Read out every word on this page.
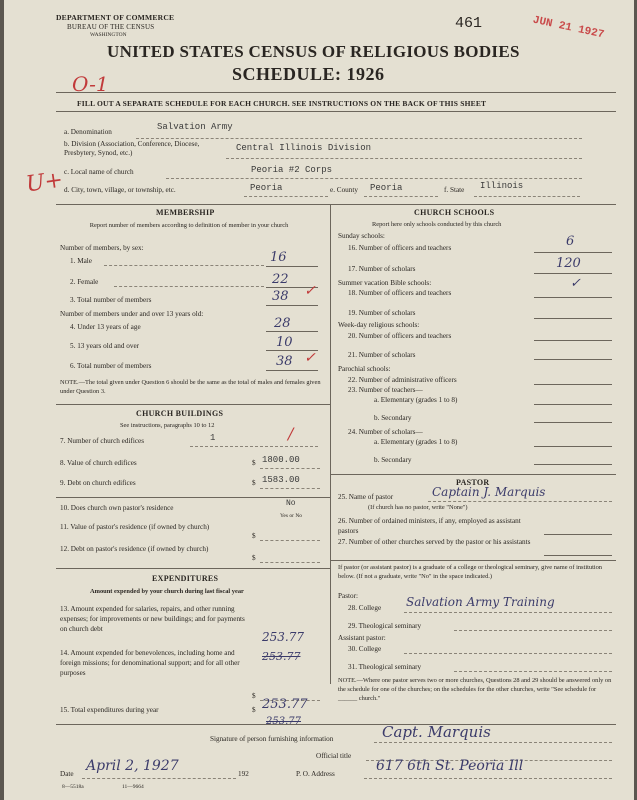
DEPARTMENT OF COMMERCE
BUREAU OF THE CENSUS
WASHINGTON
461	JUN 21 1927
UNITED STATES CENSUS OF RELIGIOUS BODIES
SCHEDULE: 1926
O-1
U+
FILL OUT A SEPARATE SCHEDULE FOR EACH CHURCH. SEE INSTRUCTIONS ON THE BACK OF THIS SHEET
a. Denomination	Salvation Army
b. Division (Association, Conference, Diocese, Presbytery, Synod, etc.)	Central Illinois Division
c. Local name of church	Peoria #2 Corps
d. City, town, village, or township, etc.	Peoria	e. County Peoria	f. State Illinois
MEMBERSHIP
Report number of members according to definition of member in your church
Number of members, by sex:
1. Male	16
2. Female	22
3. Total number of members	38 ✓
Number of members under and over 13 years old:
4. Under 13 years of age	28
5. 13 years old and over	10
6. Total number of members	38 ✓
NOTE.—The total given under Question 6 should be the same as the total of males and females given under Question 3.
CHURCH BUILDINGS
See instructions, paragraphs 10 to 12
7. Number of church edifices	1	/
8. Value of church edifices	$ 1800.00
9. Debt on church edifices	$ 1583.00
10. Does church own pastor's residence	No
Yes or No
11. Value of pastor's residence (if owned by church)
$
12. Debt on pastor's residence (if owned by church)
$
EXPENDITURES
Amount expended by your church during last fiscal year
13. Amount expended for salaries, repairs, and other running expenses; for improvements or new buildings; and for payments on church debt
253.77
14. Amount expended for benevolences, including home and foreign missions; for denominational support; and for all other purposes
253.77
$
15. Total expenditures during year	$ 253.77
253.77
CHURCH SCHOOLS
Report here only schools conducted by this church
Sunday schools:
16. Number of officers and teachers	6
17. Number of scholars	120
Summer vacation Bible schools:
18. Number of officers and teachers
✓
19. Number of scholars
Week-day religious schools:
20. Number of officers and teachers
21. Number of scholars
Parochial schools:
22. Number of administrative officers
23. Number of teachers—
a. Elementary (grades 1 to 8)
b. Secondary
24. Number of scholars—
a. Elementary (grades 1 to 8)
b. Secondary
PASTOR
25. Name of pastor	Captain J. Marquis
(If church has no pastor, write "None")
26. Number of ordained ministers, if any, employed as assistant pastors
27. Number of other churches served by the pastor or his assistants
If pastor (or assistant pastor) is a graduate of a college or theological seminary, give name of institution below. (If not a graduate, write "No" in the space indicated.)
Pastor:
28. College Salvation Army Training
29. Theological seminary
Assistant pastor:
30. College
31. Theological seminary
NOTE.—Where one pastor serves two or more churches, Questions 28 and 29 should be answered only on the schedule for one of the churches; on the schedules for the other churches, write "See schedule for ______ church."
Signature of person furnishing information	Capt. Marquis
Official title
Date April 2, 1927	192	P. O. Address	617 6th St. Peoria Ill
8—5518a	11—9664
